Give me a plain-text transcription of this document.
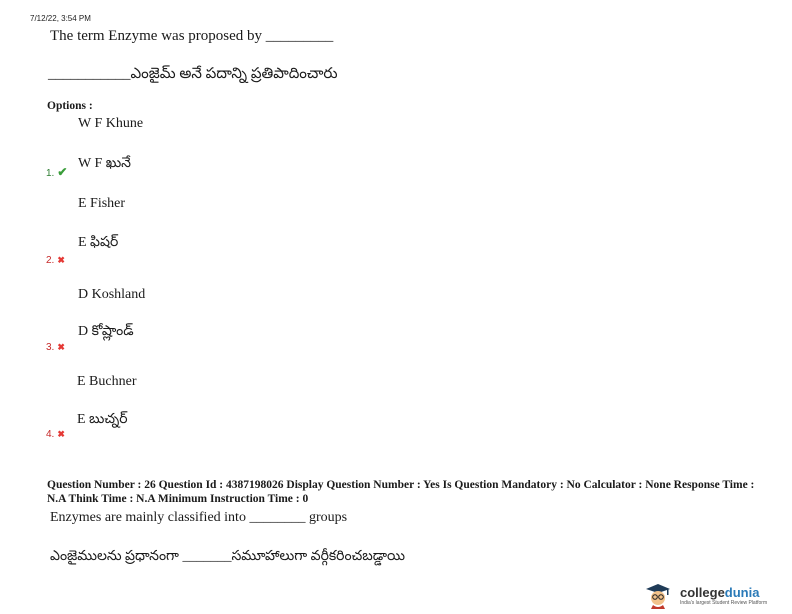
7/12/22, 3:54 PM
The term Enzyme was proposed by _________
___________ఎంజైమ్ అనే పదాన్ని ప్రతిపాదించారు
Options :
W F Khune
W F ఖునే
1. ✔
E Fisher
E ఫిషర్
2. ✖
D Koshland
D కోష్లాండ్
3. ✖
E Buchner
E బుచ్నర్
4. ✖
Question Number : 26 Question Id : 4387198026 Display Question Number : Yes Is Question Mandatory : No Calculator : None Response Time : N.A Think Time : N.A Minimum Instruction Time : 0
Enzymes are mainly classified into ________ groups
ఎంజైములను ప్రధానంగా _______సమూహాలుగా వర్గీకరించబడ్డాయి
collegedunia
India's largest Student Review Platform
